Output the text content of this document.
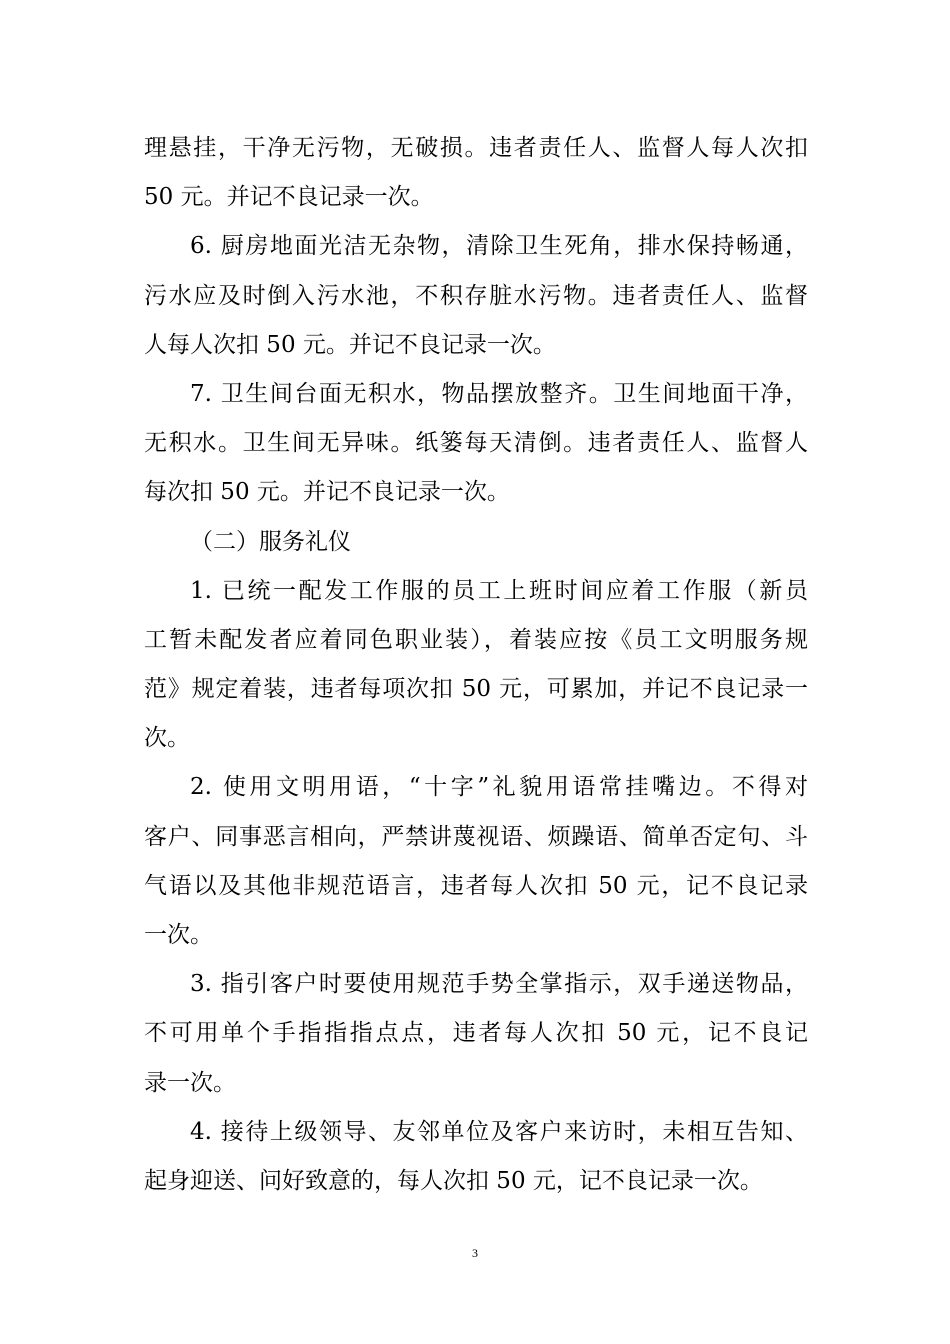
理悬挂，干净无污物，无破损。违者责任人、监督人每人次扣
50 元。并记不良记录一次。
6. 厨房地面光洁无杂物，清除卫生死角，排水保持畅通，
污水应及时倒入污水池，不积存脏水污物。违者责任人、监督
人每人次扣 50 元。并记不良记录一次。
7. 卫生间台面无积水，物品摆放整齐。卫生间地面干净，
无积水。卫生间无异味。纸篓每天清倒。违者责任人、监督人
每次扣 50 元。并记不良记录一次。
（二）服务礼仪
1. 已统一配发工作服的员工上班时间应着工作服（新员
工暂未配发者应着同色职业装），着装应按《员工文明服务规
范》规定着装，违者每项次扣 50 元，可累加，并记不良记录一
次。
2. 使用文明用语，“十字”礼貌用语常挂嘴边。不得对
客户、同事恶言相向，严禁讲蔑视语、烦躁语、简单否定句、斗
气语以及其他非规范语言，违者每人次扣 50 元，记不良记录
一次。
3. 指引客户时要使用规范手势全掌指示，双手递送物品，
不可用单个手指指指点点，违者每人次扣 50 元，记不良记
录一次。
4. 接待上级领导、友邻单位及客户来访时，未相互告知、
起身迎送、问好致意的，每人次扣 50 元，记不良记录一次。
3
